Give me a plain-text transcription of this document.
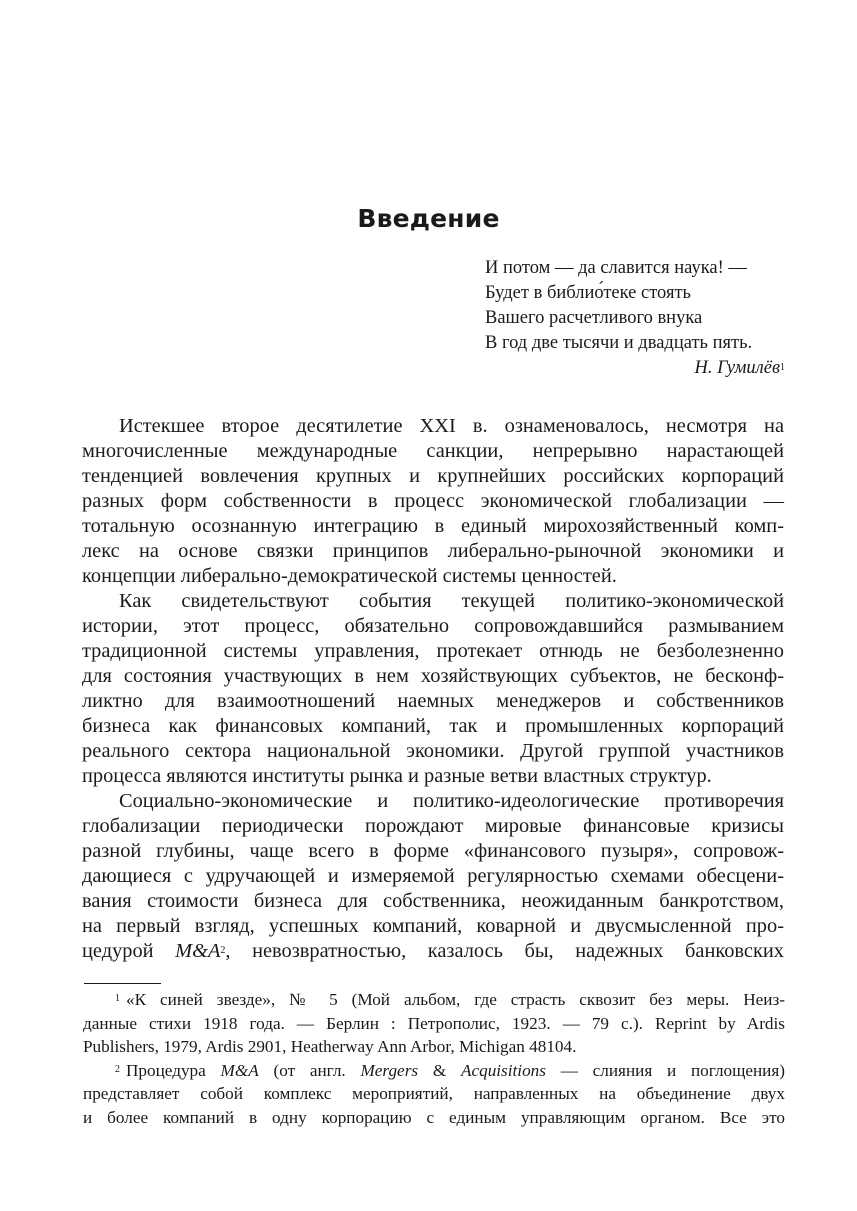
Введение
И потом — да славится наука! —
Будет в библио́теке стоять
Вашего расчетливого внука
В год две тысячи и двадцать пять.
Н. Гумилёв$^1$
Истекшее второе десятилетие XXI в. ознаменовалось, несмотря на
многочисленные международные санкции, непрерывно нарастающей
тенденцией вовлечения крупных и крупнейших российских корпораций
разных форм собственности в процесс экономической глобализации —
тотальную осознанную интеграцию в единый мирохозяйственный комп-
лекс на основе связки принципов либерально-рыночной экономики и
концепции либерально-демократической системы ценностей.
Как свидетельствуют события текущей политико-экономической
истории, этот процесс, обязательно сопровождавшийся размыванием
традиционной системы управления, протекает отнюдь не безболезненно
для состояния участвующих в нем хозяйствующих субъектов, не бесконф-
ликтно для взаимоотношений наемных менеджеров и собственников
бизнеса как финансовых компаний, так и промышленных корпораций
реального сектора национальной экономики. Другой группой участников
процесса являются институты рынка и разные ветви властных структур.
Социально-экономические и политико-идеологические противоречия
глобализации периодически порождают мировые финансовые кризисы
разной глубины, чаще всего в форме «финансового пузыря», сопровож-
дающиеся с удручающей и измеряемой регулярностью схемами обесцени-
вания стоимости бизнеса для собственника, неожиданным банкротством,
на первый взгляд, успешных компаний, коварной и двусмысленной про-
цедурой $M\&A^2$, невозвратностью, казалось бы, надежных банковских
$^1$ «К синей звезде», № 5 (Мой альбом, где страсть сквозит без меры. Неиз-
данные стихи 1918 года. — Берлин : Петрополис, 1923. — 79 с.). Reprint by Ardis
Publishers, 1979, Ardis 2901, Heatherway Ann Arbor, Michigan 48104.
$^2$ Процедура M&A (от англ. Mergers & Acquisitions — слияния и поглощения)
представляет собой комплекс мероприятий, направленных на объединение двух
и более компаний в одну корпорацию с единым управляющим органом. Все это
